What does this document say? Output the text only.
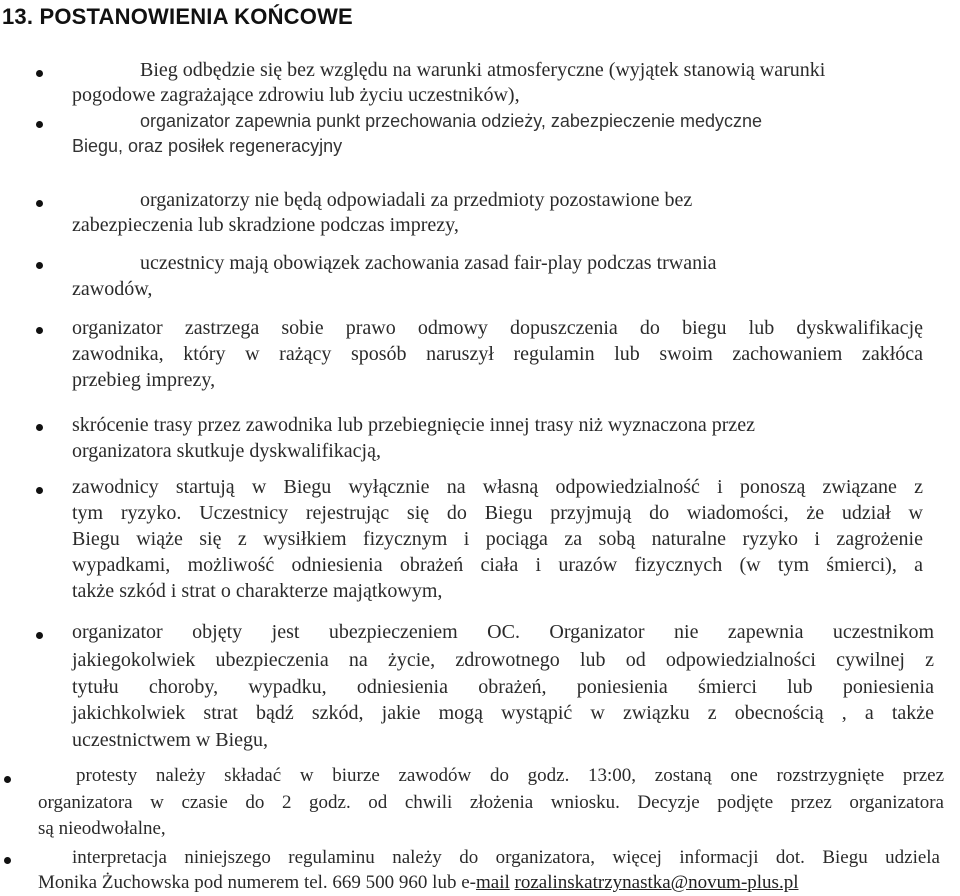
13. POSTANOWIENIA KOŃCOWE
Bieg odbędzie się bez względu na warunki atmosferyczne (wyjątek stanowią warunki
pogodowe zagrażające zdrowiu lub życiu uczestników),
organizator zapewnia punkt przechowania odzieży, zabezpieczenie medyczne
Biegu, oraz posiłek regeneracyjny
organizatorzy nie będą odpowiadali za przedmioty pozostawione bez
zabezpieczenia lub skradzione podczas imprezy,
uczestnicy mają obowiązek zachowania zasad fair-play podczas trwania
zawodów,
organizator zastrzega sobie prawo odmowy dopuszczenia do biegu lub dyskwalifikację
zawodnika, który w rażący sposób naruszył regulamin lub swoim zachowaniem zakłóca
przebieg imprezy,
skrócenie trasy przez zawodnika lub przebiegnięcie innej trasy niż wyznaczona przez
organizatora skutkuje dyskwalifikacją,
zawodnicy startują w Biegu wyłącznie na własną odpowiedzialność i ponoszą związane z
tym ryzyko. Uczestnicy rejestrując się do Biegu przyjmują do wiadomości, że udział w
Biegu wiąże się z wysiłkiem fizycznym i pociąga za sobą naturalne ryzyko i zagrożenie
wypadkami, możliwość odniesienia obrażeń ciała i urazów fizycznych (w tym śmierci), a
także szkód i strat o charakterze majątkowym,
organizator objęty jest ubezpieczeniem OC. Organizator nie zapewnia uczestnikom
jakiegokolwiek ubezpieczenia na życie, zdrowotnego lub od odpowiedzialności cywilnej z
tytułu choroby, wypadku, odniesienia obrażeń, poniesienia śmierci lub poniesienia
jakichkolwiek strat bądź szkód, jakie mogą wystąpić w związku z obecnością , a także
uczestnictwem w Biegu,
protesty należy składać w biurze zawodów do godz. 13:00, zostaną one rozstrzygnięte przez
organizatora w czasie do 2 godz. od chwili złożenia wniosku. Decyzje podjęte przez organizatora
są nieodwołalne,
interpretacja niniejszego regulaminu należy do organizatora, więcej informacji dot. Biegu udziela
Monika Żuchowska pod numerem tel. 669 500 960 lub e-mail rozalinskatrzynastka@novum-plus.pl
